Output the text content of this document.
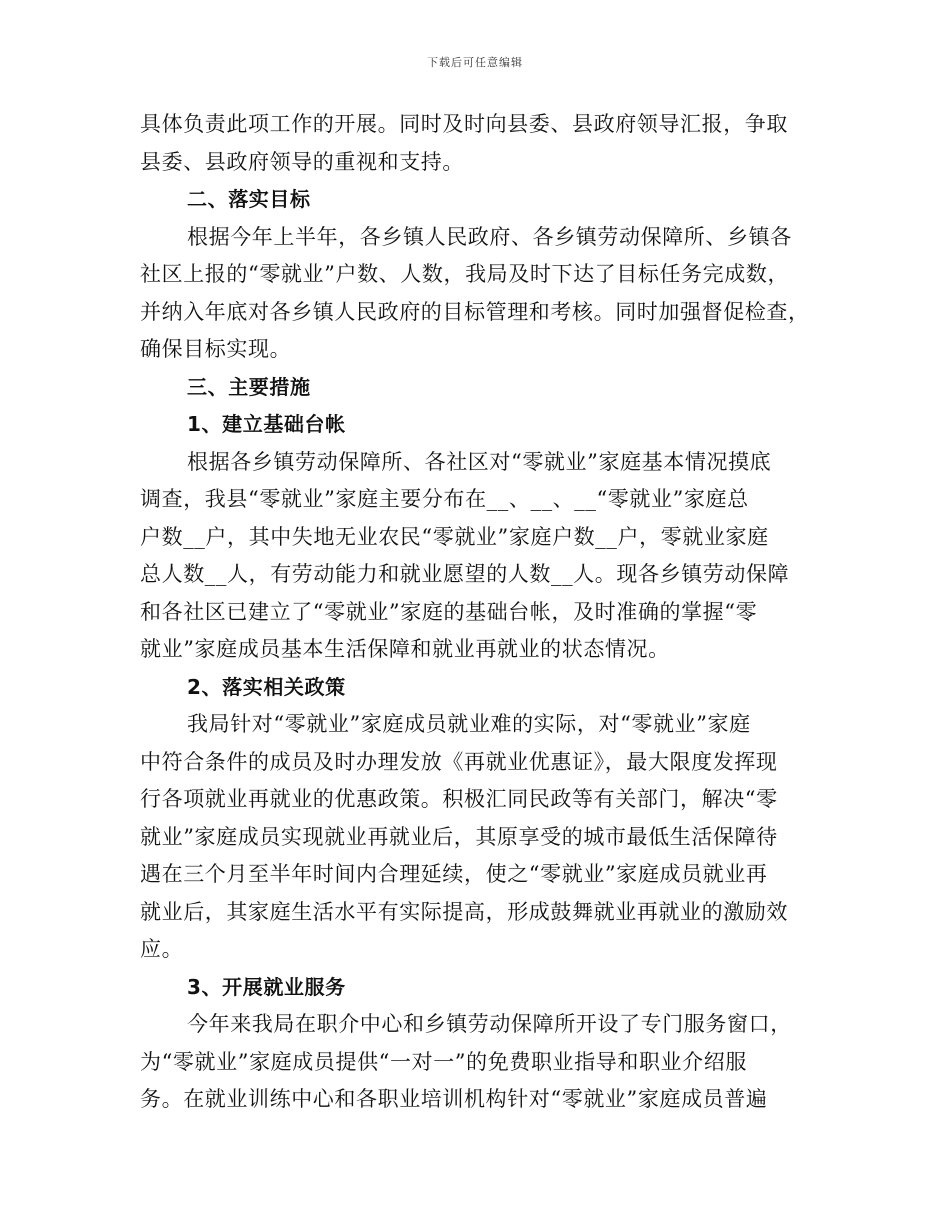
下载后可任意编辑
具体负责此项工作的开展。同时及时向县委、县政府领导汇报，争取
县委、县政府领导的重视和支持。
二、落实目标
根据今年上半年，各乡镇人民政府、各乡镇劳动保障所、乡镇各
社区上报的“零就业”户数、人数，我局及时下达了目标任务完成数，
并纳入年底对各乡镇人民政府的目标管理和考核。同时加强督促检查，
确保目标实现。
三、主要措施
1、建立基础台帐
根据各乡镇劳动保障所、各社区对“零就业”家庭基本情况摸底
调查，我县“零就业”家庭主要分布在__、__、__“零就业”家庭总
户数__户，其中失地无业农民“零就业”家庭户数__户，零就业家庭
总人数__人，有劳动能力和就业愿望的人数__人。现各乡镇劳动保障
和各社区已建立了“零就业”家庭的基础台帐，及时准确的掌握“零
就业”家庭成员基本生活保障和就业再就业的状态情况。
2、落实相关政策
我局针对“零就业”家庭成员就业难的实际，对“零就业”家庭
中符合条件的成员及时办理发放《再就业优惠证》，最大限度发挥现
行各项就业再就业的优惠政策。积极汇同民政等有关部门，解决“零
就业”家庭成员实现就业再就业后，其原享受的城市最低生活保障待
遇在三个月至半年时间内合理延续，使之“零就业”家庭成员就业再
就业后，其家庭生活水平有实际提高，形成鼓舞就业再就业的激励效
应。
3、开展就业服务
今年来我局在职介中心和乡镇劳动保障所开设了专门服务窗口，
为“零就业”家庭成员提供“一对一”的免费职业指导和职业介绍服
务。在就业训练中心和各职业培训机构针对“零就业”家庭成员普遍
